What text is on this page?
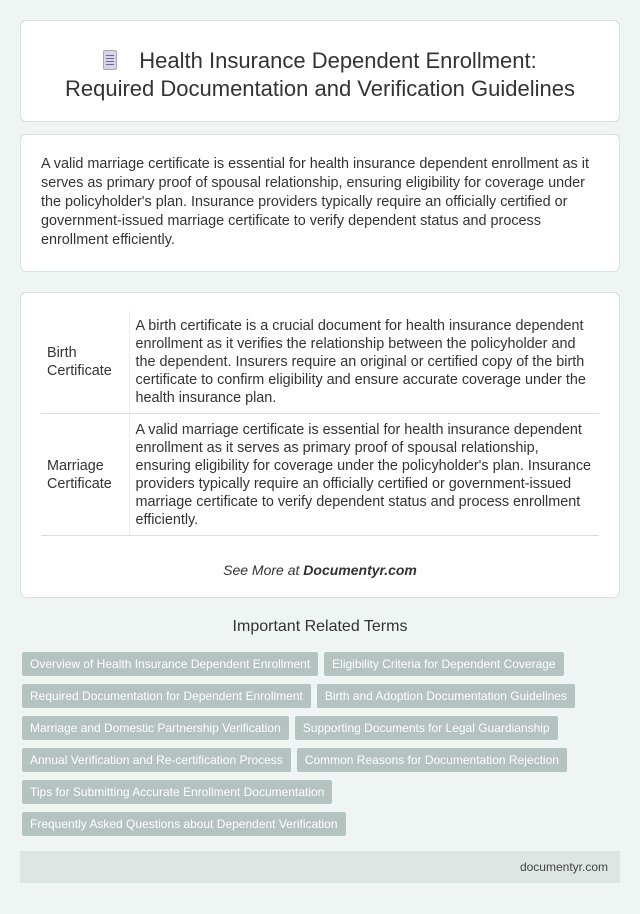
Health Insurance Dependent Enrollment:
Required Documentation and Verification Guidelines

A valid marriage certificate is essential for health insurance dependent enrollment as it serves as primary proof of spousal relationship, ensuring eligibility for coverage under the policyholder's plan. Insurance providers typically require an officially certified or government-issued marriage certificate to verify dependent status and process enrollment efficiently.

Birth Certificate	A birth certificate is a crucial document for health insurance dependent enrollment as it verifies the relationship between the policyholder and the dependent. Insurers require an original or certified copy of the birth certificate to confirm eligibility and ensure accurate coverage under the health insurance plan.
Marriage Certificate	A valid marriage certificate is essential for health insurance dependent enrollment as it serves as primary proof of spousal relationship, ensuring eligibility for coverage under the policyholder's plan. Insurance providers typically require an officially certified or government-issued marriage certificate to verify dependent status and process enrollment efficiently.
See More at Documentyr.com
Important Related Terms
Overview of Health Insurance Dependent Enrollment Eligibility Criteria for Dependent Coverage
Required Documentation for Dependent Enrollment Birth and Adoption Documentation Guidelines
Marriage and Domestic Partnership Verification Supporting Documents for Legal Guardianship
Annual Verification and Re-certification Process Common Reasons for Documentation Rejection
Tips for Submitting Accurate Enrollment Documentation
Frequently Asked Questions about Dependent Verification
documentyr.com
